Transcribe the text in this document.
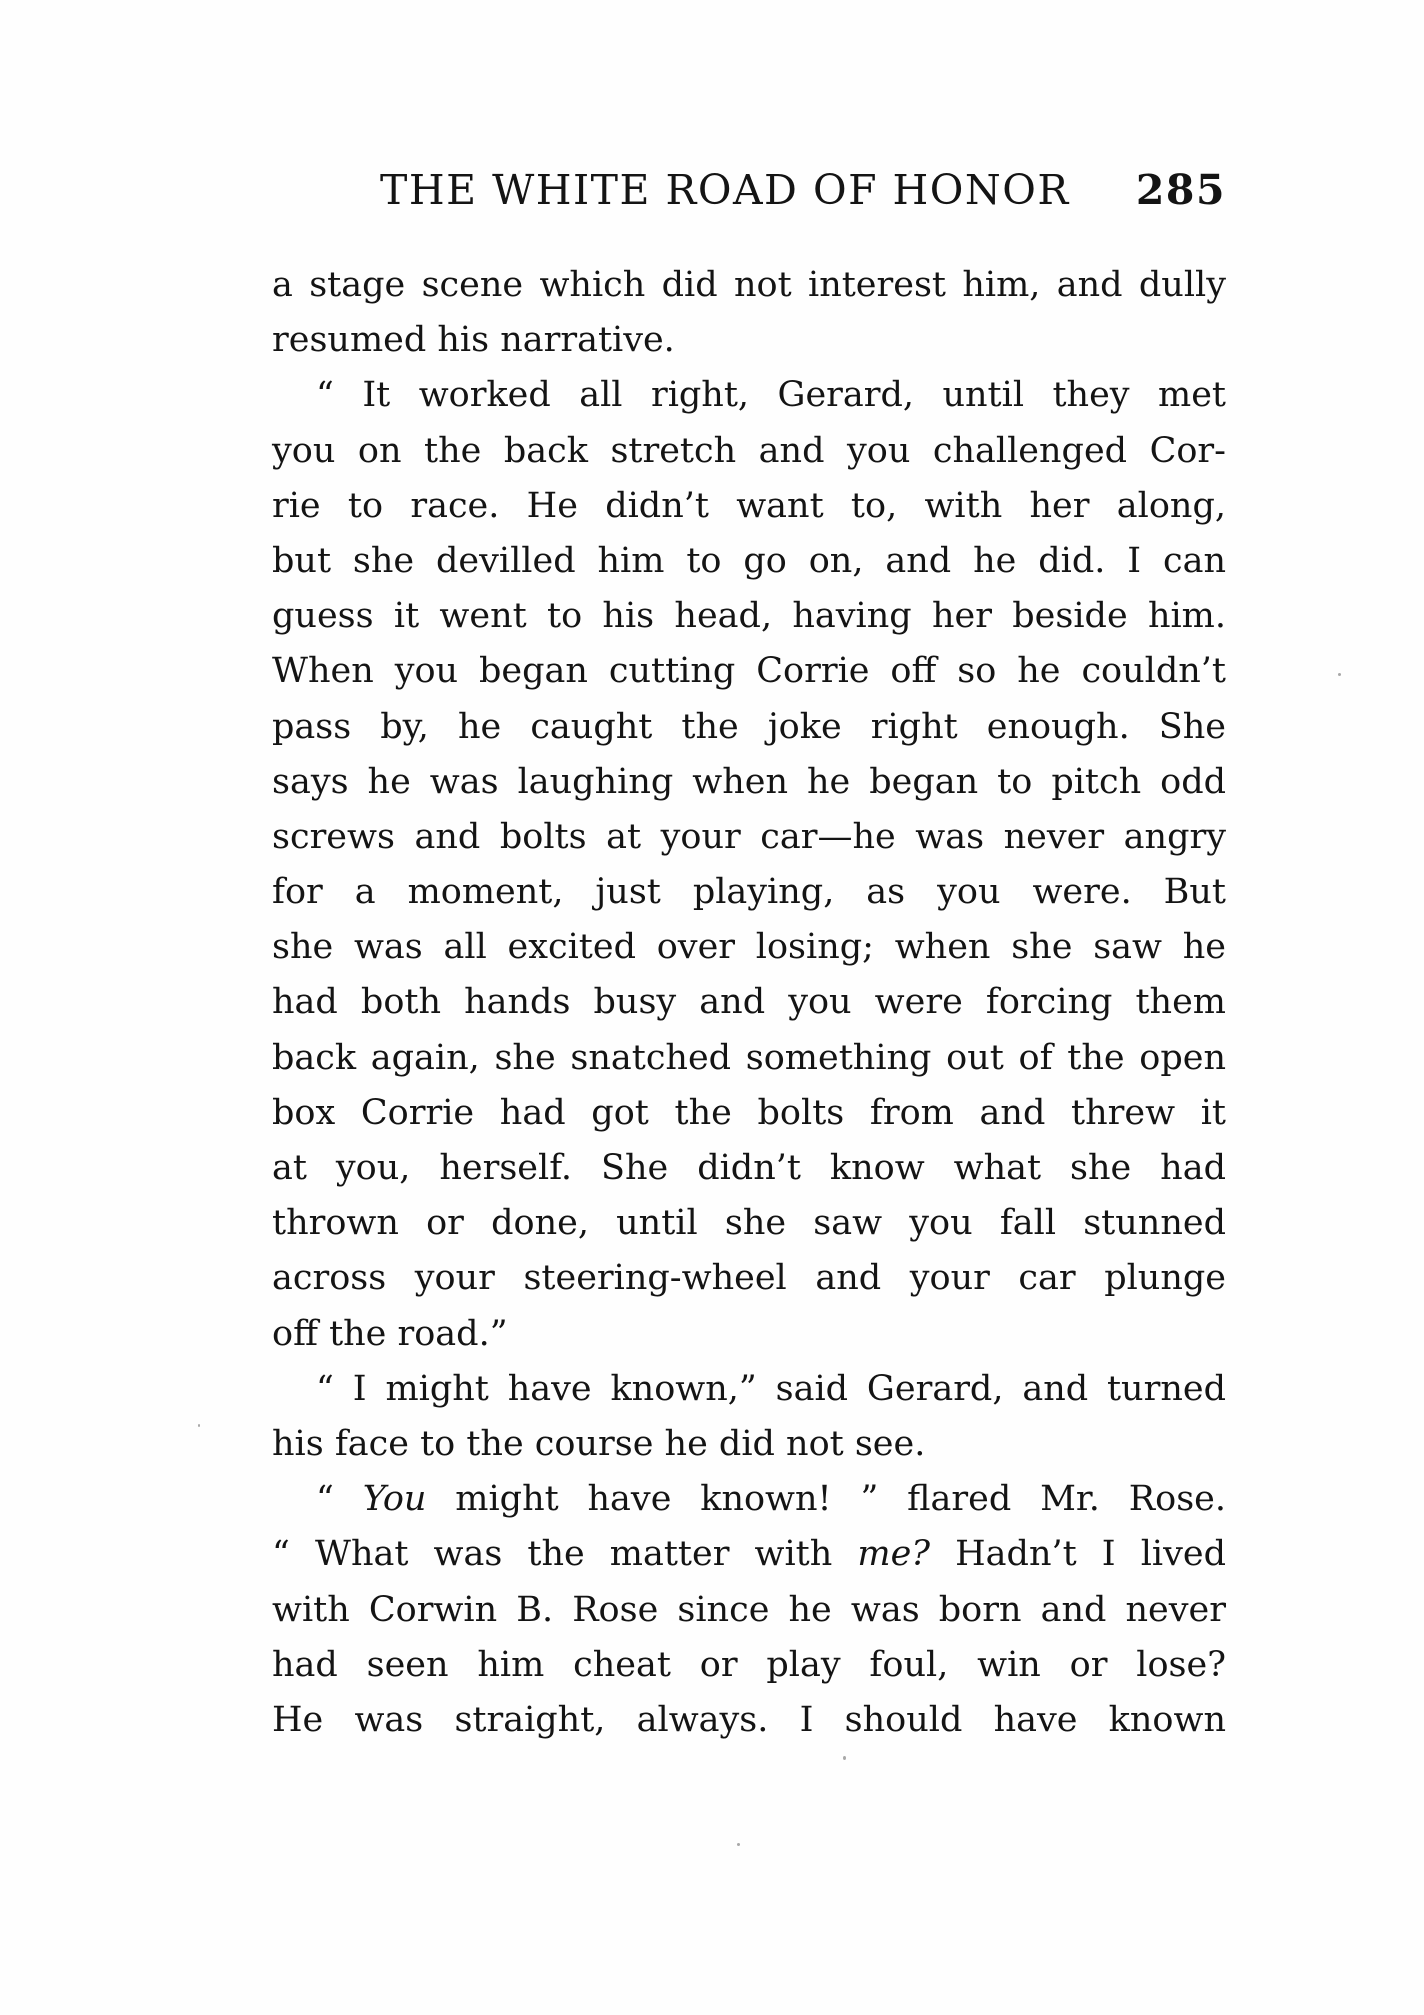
THE WHITE ROAD OF HONOR 285
a stage scene which did not interest him, and dully
resumed his narrative.
“ It worked all right, Gerard, until they met
you on the back stretch and you challenged Cor-
rie to race. He didn’t want to, with her along,
but she devilled him to go on, and he did. I can
guess it went to his head, having her beside him.
When you began cutting Corrie off so he couldn’t
pass by, he caught the joke right enough. She
says he was laughing when he began to pitch odd
screws and bolts at your car—he was never angry
for a moment, just playing, as you were. But
she was all excited over losing; when she saw he
had both hands busy and you were forcing them
back again, she snatched something out of the open
box Corrie had got the bolts from and threw it
at you, herself. She didn’t know what she had
thrown or done, until she saw you fall stunned
across your steering-wheel and your car plunge
off the road.”
“ I might have known,” said Gerard, and turned
his face to the course he did not see.
“ You might have known! ” flared Mr. Rose.
“ What was the matter with me? Hadn’t I lived
with Corwin B. Rose since he was born and never
had seen him cheat or play foul, win or lose?
He was straight, always. I should have known
